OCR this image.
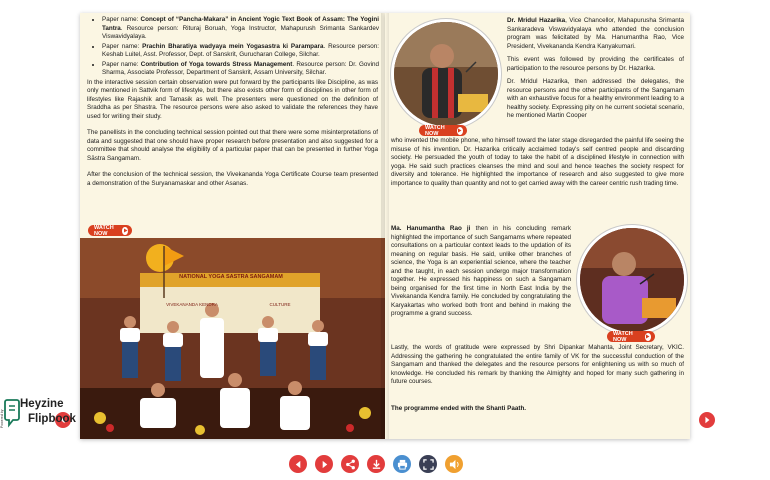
• Paper name: Concept of “Pancha-Makara” in Ancient Yogic Text Book of Assam: The Yogini Tantra. Resource person: Rituraj Boruah, Yoga Instructor, Mahapurush Srimanta Sankardev Viswavidyalaya.
• Paper name: Prachin Bharatiya wadyaya mein Yogasastra ki Parampara. Resource person: Keshab Luitel, Asst. Professor, Dept. of Sanskrit, Gurucharan College, Silchar.
• Paper name: Contribution of Yoga towards Stress Management. Resource person: Dr. Govind Sharma, Associate Professor, Department of Sanskrit, Assam University, Silchar.

In the interactive session certain observation were put forward by the participants like Discipline, as was only mentioned in Sattvik form of lifestyle, but there also exists other form of disciplines in other form of lifestyles like Rajashik and Tamasik as well. The presenters were questioned on the definition of Sraddha as per Shastra. The resource persons were also asked to validate the references they have used for writing their study.

The panellists in the concluding technical session pointed out that there were some misinterpretations of data and suggested that one should have proper research before presentation and also suggested for a committee that should analyse the eligibility of a particular paper that can be presented in further Yoga Sāstra Sangamam.

After the conclusion of the technical session, the Vivekananda Yoga Certificate Course team presented a demonstration of the Suryanamaskar and other Asanas.

WATCH NOW
NATIONAL YOGA SASTRA SANGAMAM
VIVEKANANDA KENDRA	CULTURE
WATCH NOW
Dr. Mridul Hazarika, Vice Chancellor, Mahapurusha Srimanta Sankaradeva Viswavidyalaya who attended the conclusion program was felicitated by Ma. Hanumantha Rao, Vice President, Vivekananda Kendra Kanyakumari.
This event was followed by providing the certificates of participation to the resource persons by Dr. Hazarika.
Dr. Mridul Hazarika, then addressed the delegates, the resource persons and the other participants of the Sangamam with an exhaustive focus for a healthy environment leading to a healthy society. Expressing pity on he current societal scenario, he mentioned Martin Cooper
who invented the mobile phone, who himself toward the later stage disregarded the painful life seeing the misuse of his invention. Dr. Hazarika critically acclaimed today's self centred people and discarding society. He persuaded the youth of today to take the habit of a disciplined lifestyle in connection with yoga. He said such practices cleanses the mind and soul and hence teaches the society respect for diversity and tolerance. He highlighted the importance of research and also suggested to give more importance to quality than quantity and not to get carried away with the career centric rush trading time.
WATCH NOW
Ma. Hanumantha Rao ji then in his concluding remark highlighted the importance of such Sangamams where repeated consultations on a particular context leads to the updation of its meaning on regular basis. He said, unlike other branches of science, the Yoga is an experiential science, where the teacher and the taught, in each session undergo major transformation together. He expressed his happiness on such a Sangamam being organised for the first time in North East India by the Vivekananda Kendra family. He concluded by congratulating the Karyakartas who worked both front and behind in making the programme a grand success.
Lastly, the words of gratitude were expressed by Shri Dipankar Mahanta, Joint Secretary, VKIC. Addressing the gathering he congratulated the entire family of VK for the successful conduction of the Sangamam and thanked the delegates and the resource persons for enlightening us with so much of knowledge. He concluded his remark by thanking the Almighty and hoped for many such gathering in future courses.
The programme ended with the Shanti Paath.
Heyzine
Flipbook
Powered by
